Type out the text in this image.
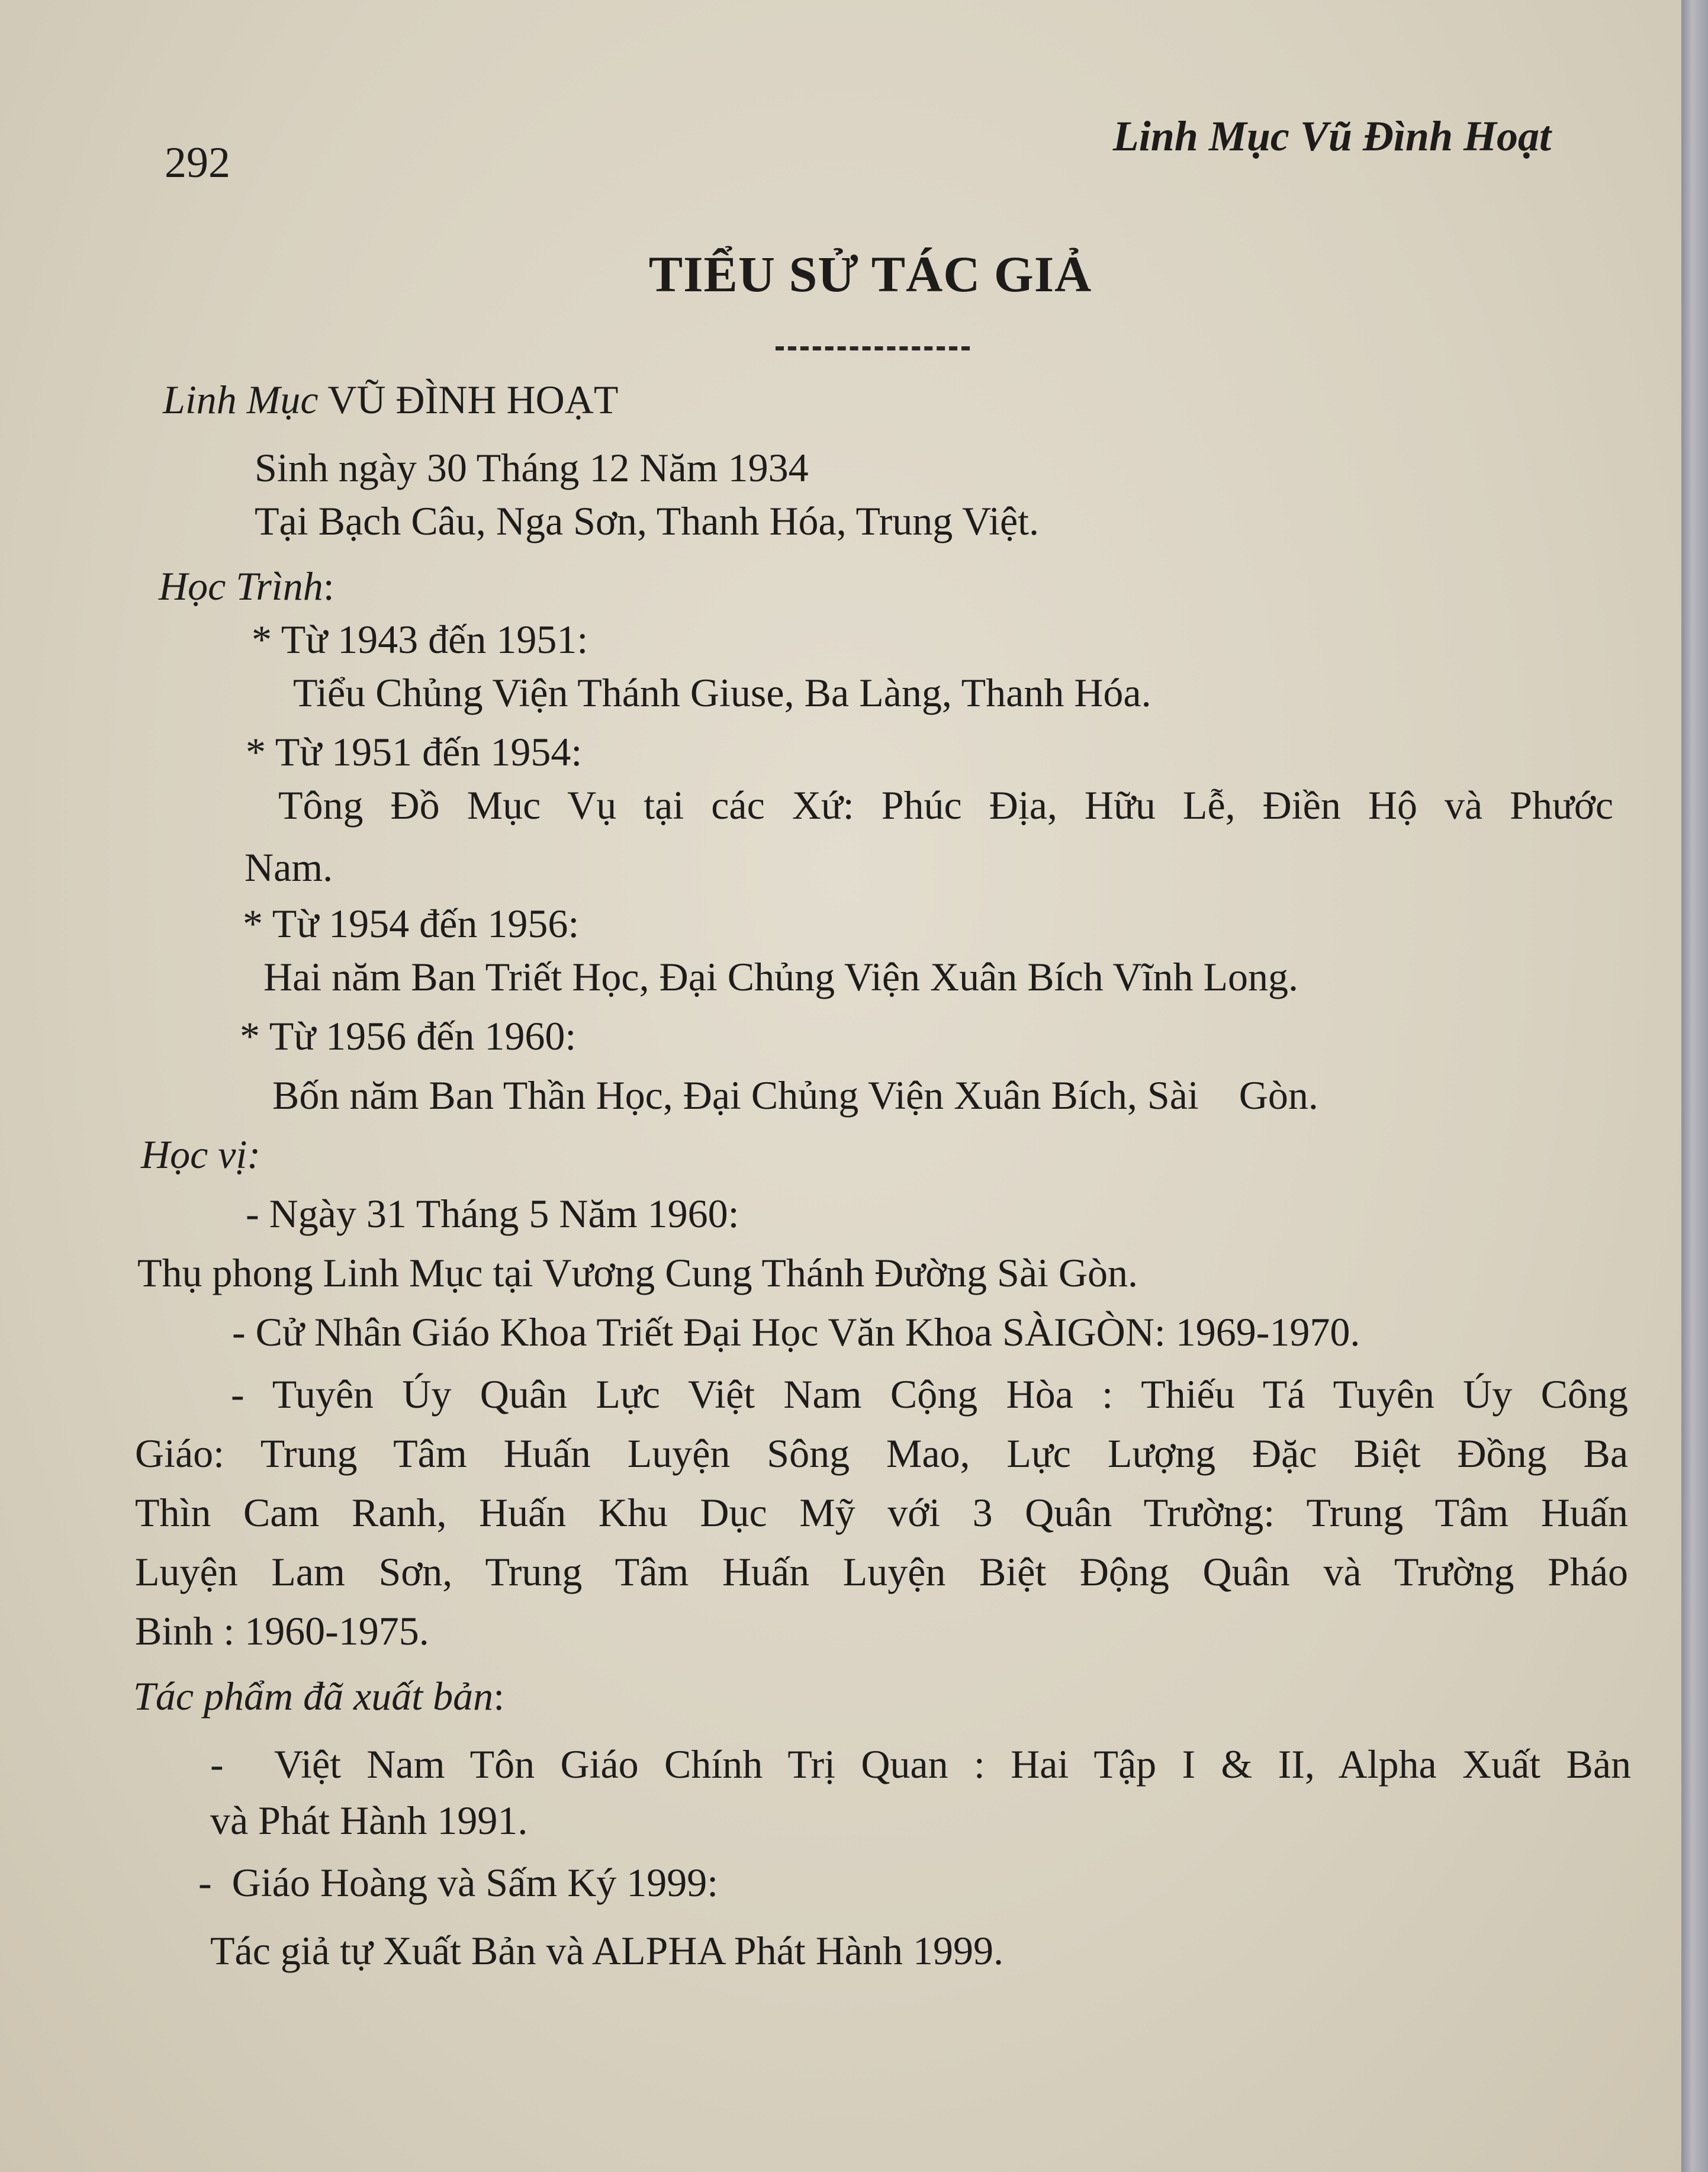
292
Linh Mục Vũ Đình Hoạt
TIỂU SỬ TÁC GIẢ
Linh Mục VŨ ĐÌNH HOẠT
Sinh ngày 30 Tháng 12 Năm 1934
Tại Bạch Câu, Nga Sơn, Thanh Hóa, Trung Việt.
Học Trình:
* Từ 1943 đến 1951:
Tiểu Chủng Viện Thánh Giuse, Ba Làng, Thanh Hóa.
* Từ 1951 đến 1954:
Tông Đồ Mục Vụ tại các Xứ: Phúc Địa, Hữu Lễ, Điền Hộ và Phước
Nam.
* Từ 1954 đến 1956:
Hai năm Ban Triết Học, Đại Chủng Viện Xuân Bích Vĩnh Long.
* Từ 1956 đến 1960:
Bốn năm Ban Thần Học, Đại Chủng Viện Xuân Bích, Sài    Gòn.
Học vị:
- Ngày 31 Tháng 5 Năm 1960:
Thụ phong Linh Mục tại Vương Cung Thánh Đường Sài Gòn.
- Cử Nhân Giáo Khoa Triết Đại Học Văn Khoa SÀIGÒN: 1969-1970.
- Tuyên Úy Quân Lực Việt Nam Cộng Hòa : Thiếu Tá Tuyên Úy Công
Giáo: Trung Tâm Huấn Luyện Sông Mao, Lực Lượng Đặc Biệt Đồng Ba
Thìn Cam Ranh, Huấn Khu Dục Mỹ với 3 Quân Trường: Trung Tâm Huấn
Luyện Lam Sơn, Trung Tâm Huấn Luyện Biệt Động Quân và Trường Pháo
Binh : 1960-1975.
Tác phẩm đã xuất bản:
-  Việt Nam Tôn Giáo Chính Trị Quan : Hai Tập I & II, Alpha Xuất Bản
và Phát Hành 1991.
-  Giáo Hoàng và Sấm Ký 1999:
Tác giả tự Xuất Bản và ALPHA Phát Hành 1999.
